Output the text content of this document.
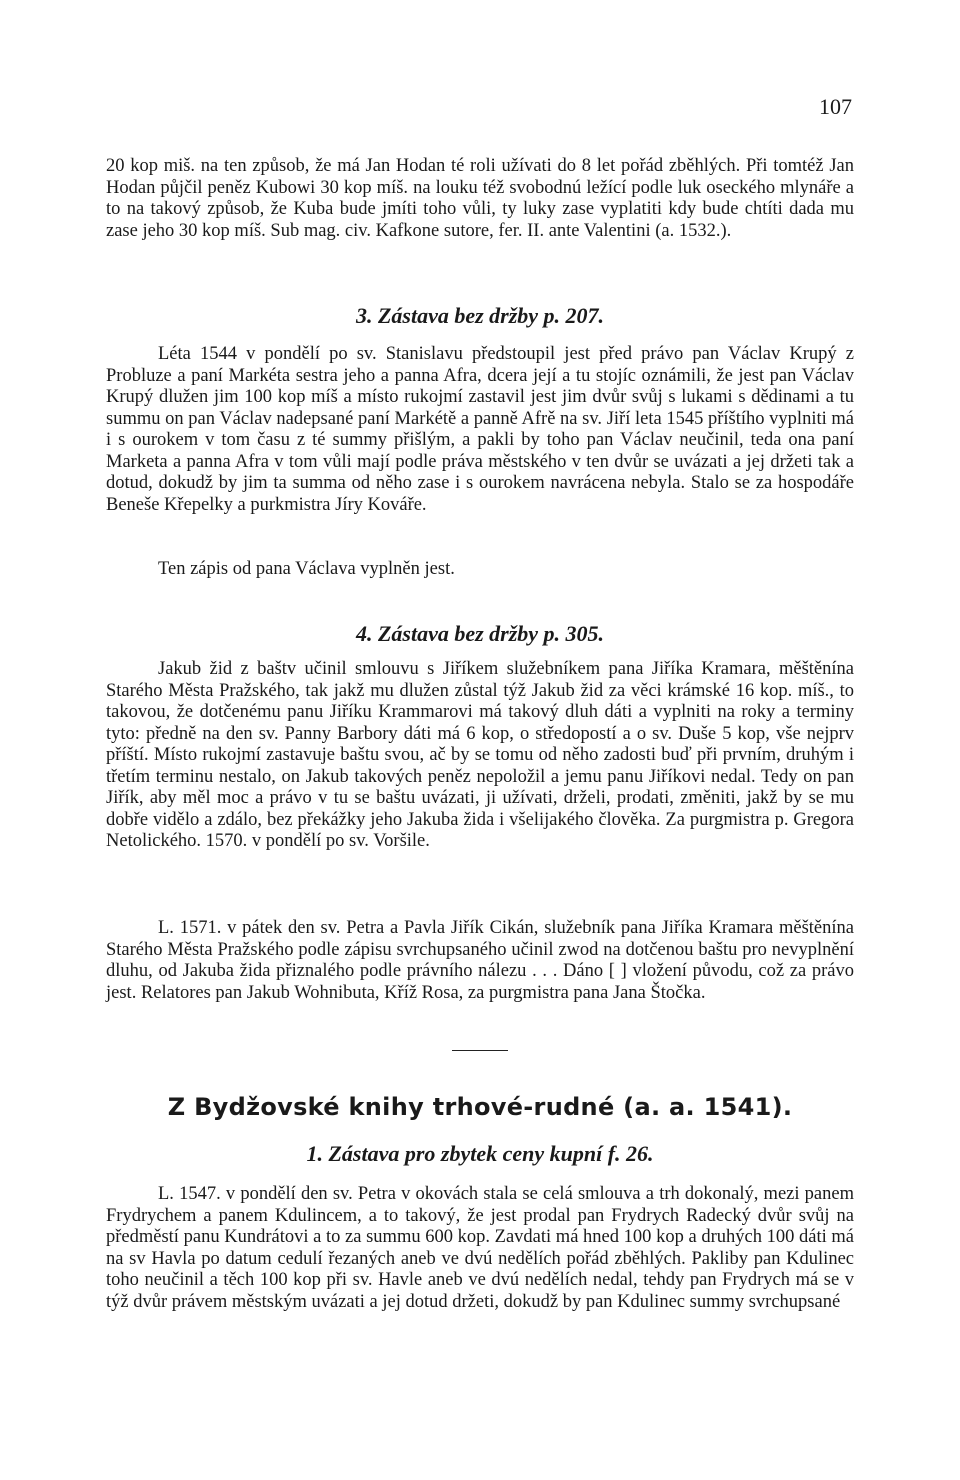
107

20 kop miš. na ten způsob, že má Jan Hodan té roli užívati do 8 let pořád zběhlých. Při tomtéž Jan Hodan půjčil peněz Kubowi 30 kop míš. na louku též svobodnú ležící podle luk oseckého mlynáře a to na takový způsob, že Kuba bude jmíti toho vůli, ty luky zase vyplatiti kdy bude chtíti dada mu zase jeho 30 kop míš. Sub mag. civ. Kafkone sutore, fer. II. ante Valentini (a. 1532.).

3. Zástava bez držby p. 207.

Léta 1544 v pondělí po sv. Stanislavu předstoupil jest před právo pan Václav Krupý z Probluze a paní Markéta sestra jeho a panna Afra, dcera její a tu stojíc oznámili, že jest pan Václav Krupý dlužen jim 100 kop míš a místo rukojmí zastavil jest jim dvůr svůj s lukami s dědinami a tu summu on pan Václav nadepsané paní Markétě a panně Afrě na sv. Jiří leta 1545 příštího vyplniti má i s ourokem v tom času z té summy přišlým, a pakli by toho pan Václav neučinil, teda ona paní Marketa a panna Afra v tom vůli mají podle práva městského v ten dvůr se uvázati a jej držeti tak a dotud, dokudž by jim ta summa od něho zase i s ourokem navrácena nebyla. Stalo se za hospodáře Beneše Křepelky a purkmistra Jíry Kováře.

Ten zápis od pana Václava vyplněn jest.

4. Zástava bez držby p. 305.

Jakub žid z baštv učinil smlouvu s Jiříkem služebníkem pana Jiříka Kramara, měštěnína Starého Města Pražského, tak jakž mu dlužen zůstal týž Jakub žid za věci krámské 16 kop. míš., to takovou, že dotčenému panu Jiříku Krammarovi má takový dluh dáti a vyplniti na roky a terminy tyto: předně na den sv. Panny Barbory dáti má 6 kop, o středopostí a o sv. Duše 5 kop, vše nejprv příští. Místo rukojmí zastavuje baštu svou, ač by se tomu od něho zadosti buď při prvním, druhým i třetím terminu nestalo, on Jakub takových peněz nepoložil a jemu panu Jiříkovi nedal. Tedy on pan Jiřík, aby měl moc a právo v tu se baštu uvázati, ji užívati, drželi, prodati, změniti, jakž by se mu dobře vidělo a zdálo, bez překážky jeho Jakuba žida i všelijakého člověka. Za purgmistra p. Gregora Netolického. 1570. v pondělí po sv. Voršile.

L. 1571. v pátek den sv. Petra a Pavla Jiřík Cikán, služebník pana Jiříka Kramara měštěnína Starého Města Pražského podle zápisu svrchupsaného učinil zwod na dotčenou baštu pro nevyplnění dluhu, od Jakuba žida přiznalého podle právního nálezu . . . Dáno [ ] vložení původu, což za právo jest. Relatores pan Jakub Wohnibuta, Kříž Rosa, za purgmistra pana Jana Štočka.

Z Bydžovské knihy trhové-rudné (a. a. 1541).
1. Zástava pro zbytek ceny kupní f. 26.

L. 1547. v pondělí den sv. Petra v okovách stala se celá smlouva a trh dokonalý, mezi panem Frydrychem a panem Kdulincem, a to takový, že jest prodal pan Frydrych Radecký dvůr svůj na předměstí panu Kundrátovi a to za summu 600 kop. Zavdati má hned 100 kop a druhých 100 dáti má na sv Havla po datum cedulí řezaných aneb ve dvú nedělích pořád zběhlých. Pakliby pan Kdulinec toho neučinil a těch 100 kop při sv. Havle aneb ve dvú nedělích nedal, tehdy pan Frydrych má se v týž dvůr právem městským uvázati a jej dotud držeti, dokudž by pan Kdulinec summy svrchupsané
